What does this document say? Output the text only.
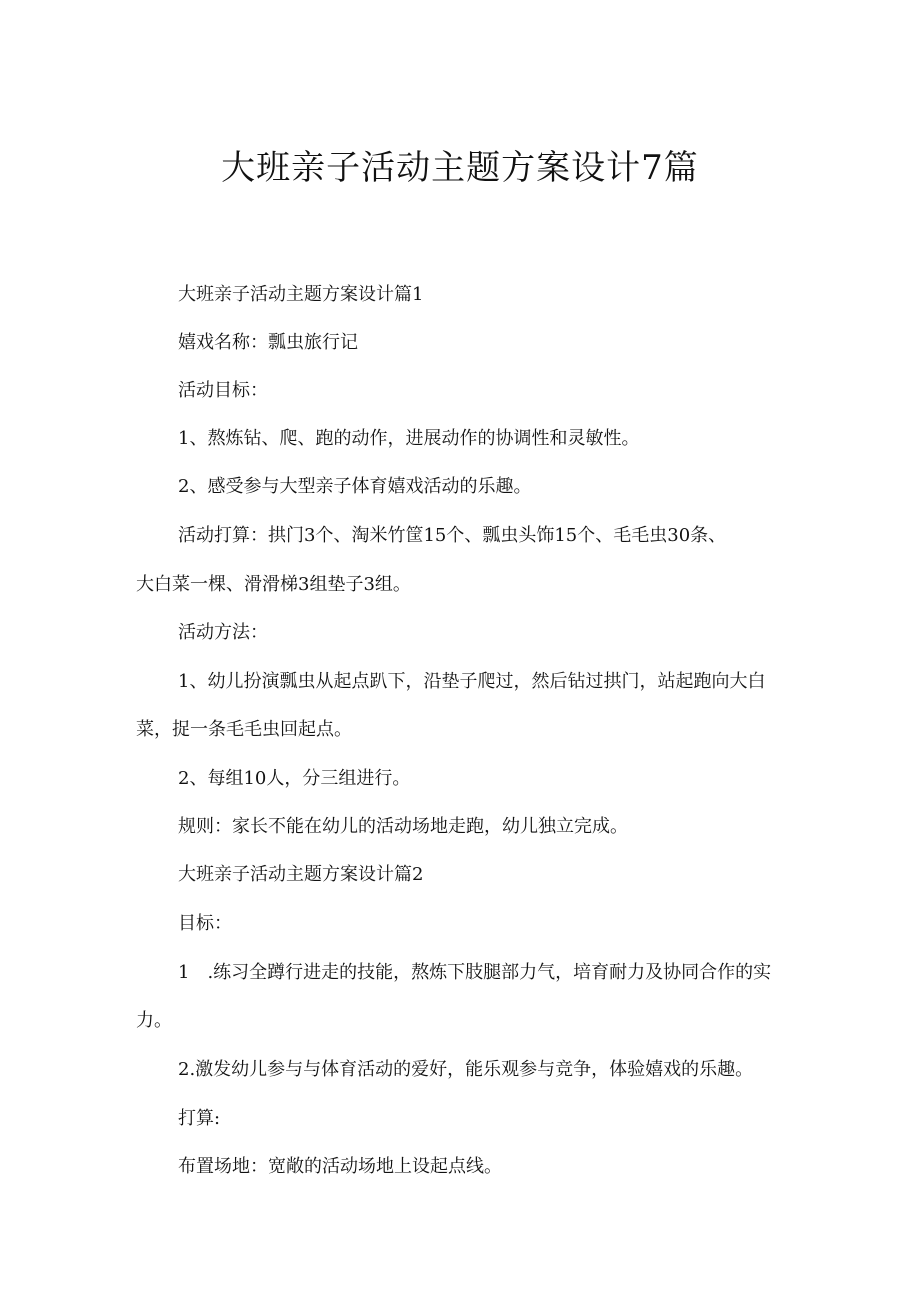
大班亲子活动主题方案设计7篇

大班亲子活动主题方案设计篇1

嬉戏名称：瓢虫旅行记

活动目标：

1、熬炼钻、爬、跑的动作，进展动作的协调性和灵敏性。

2、感受参与大型亲子体育嬉戏活动的乐趣。

活动打算：拱门3个、淘米竹筐15个、瓢虫头饰15个、毛毛虫30条、

大白菜一棵、滑滑梯3组垫子3组。

活动方法：

1、幼儿扮演瓢虫从起点趴下，沿垫子爬过，然后钻过拱门，站起跑向大白

菜，捉一条毛毛虫回起点。

2、每组10人，分三组进行。

规则：家长不能在幼儿的活动场地走跑，幼儿独立完成。

大班亲子活动主题方案设计篇2

目标：

1　.练习全蹲行进走的技能，熬炼下肢腿部力气，培育耐力及协同合作的实

力。

2.激发幼儿参与与体育活动的爱好，能乐观参与竞争，体验嬉戏的乐趣。

打算:

布置场地：宽敞的活动场地上设起点线。
